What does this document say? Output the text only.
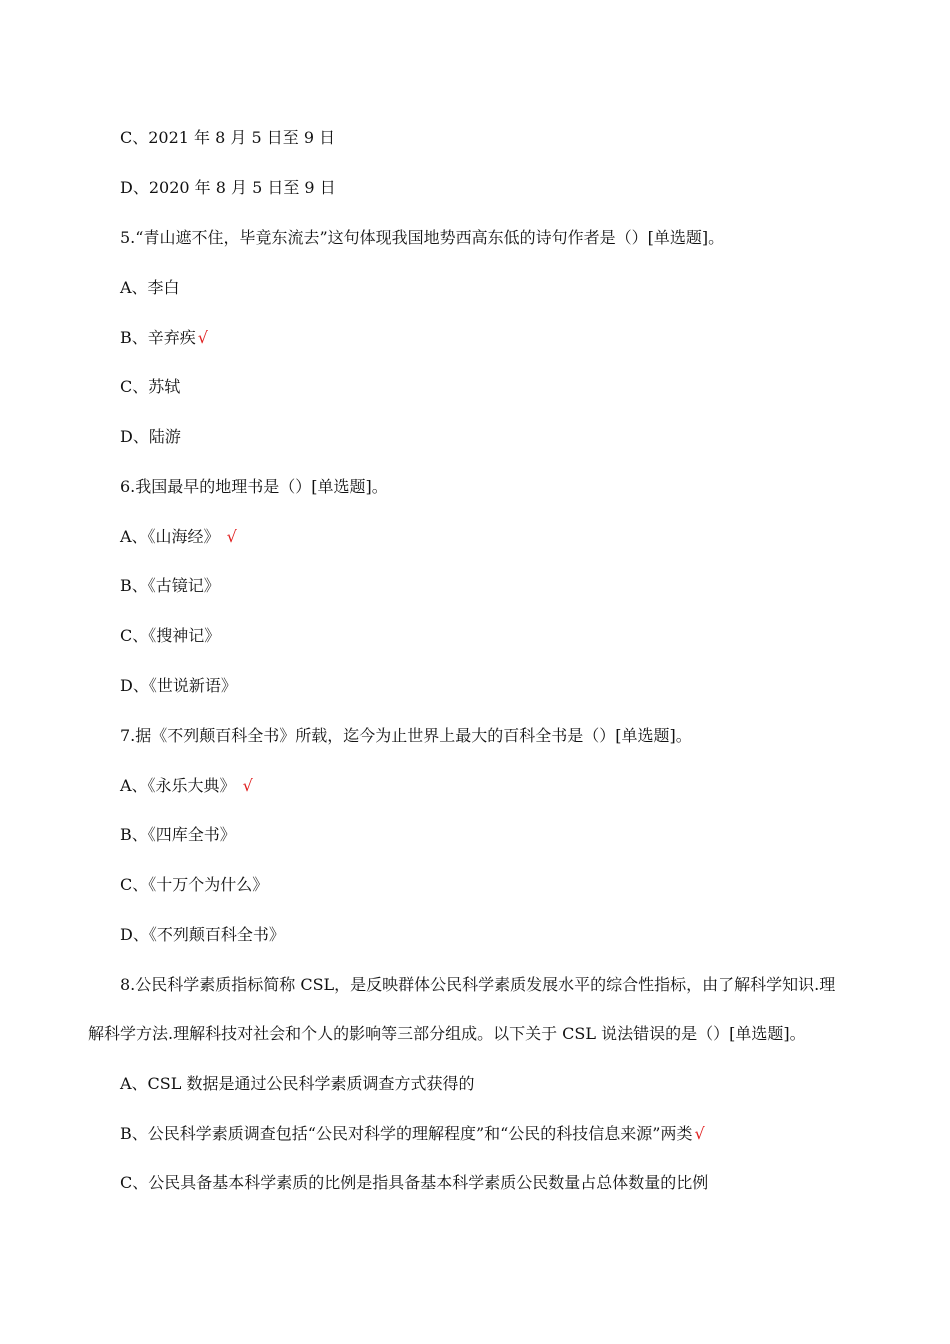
C、2021 年 8 月 5 日至 9 日
D、2020 年 8 月 5 日至 9 日
5.“青山遮不住，毕竟东流去”这句体现我国地势西高东低的诗句作者是（）[单选题]。
A、李白
B、辛弃疾 √
C、苏轼
D、陆游
6.我国最早的地理书是（）[单选题]。
A、《山海经》 √
B、《古镜记》
C、《搜神记》
D、《世说新语》
7.据《不列颠百科全书》所载，迄今为止世界上最大的百科全书是（）[单选题]。
A、《永乐大典》 √
B、《四库全书》
C、《十万个为什么》
D、《不列颠百科全书》
8.公民科学素质指标简称 CSL，是反映群体公民科学素质发展水平的综合性指标，由了解科学知识.理
解科学方法.理解科技对社会和个人的影响等三部分组成。以下关于 CSL 说法错误的是（）[单选题]。
A、CSL 数据是通过公民科学素质调查方式获得的
B、公民科学素质调查包括“公民对科学的理解程度”和“公民的科技信息来源”两类 √
C、公民具备基本科学素质的比例是指具备基本科学素质公民数量占总体数量的比例
